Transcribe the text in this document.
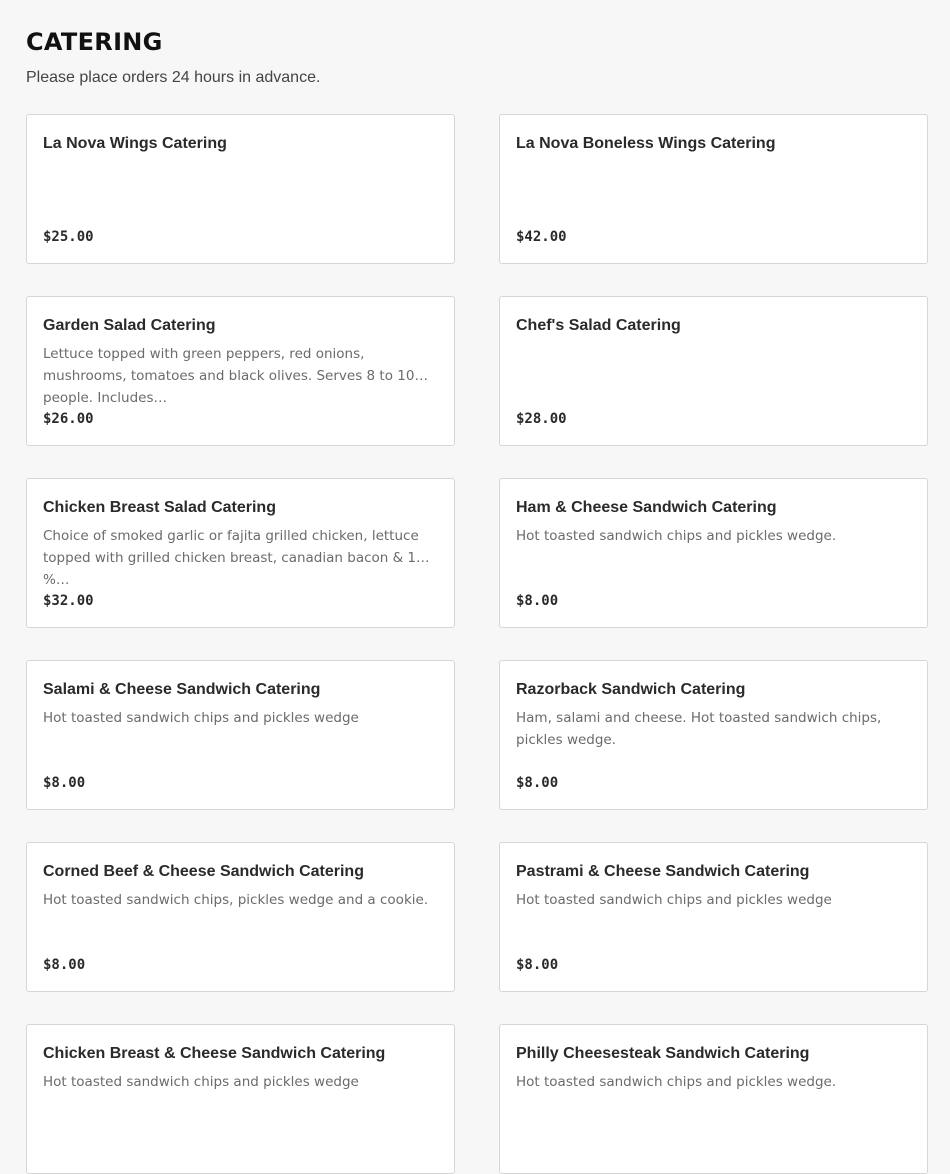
CATERING

Please place orders 24 hours in advance.

La Nova Wings Catering
$25.00
La Nova Boneless Wings Catering
$42.00
Garden Salad Catering
Lettuce topped with green peppers, red onions, mushrooms, tomatoes and black olives. Serves 8 to 10 people. Includes…
$26.00
Chef's Salad Catering
$28.00
Chicken Breast Salad Catering
Choice of smoked garlic or fajita grilled chicken, lettuce topped with grilled chicken breast, canadian bacon & 100 %…
$32.00
Ham & Cheese Sandwich Catering
Hot toasted sandwich chips and pickles wedge.
$8.00
Salami & Cheese Sandwich Catering
Hot toasted sandwich chips and pickles wedge
$8.00
Razorback Sandwich Catering
Ham, salami and cheese. Hot toasted sandwich chips, pickles wedge.
$8.00
Corned Beef & Cheese Sandwich Catering
Hot toasted sandwich chips, pickles wedge and a cookie.
$8.00
Pastrami & Cheese Sandwich Catering
Hot toasted sandwich chips and pickles wedge
$8.00
Chicken Breast & Cheese Sandwich Catering
Hot toasted sandwich chips and pickles wedge
Philly Cheesesteak Sandwich Catering
Hot toasted sandwich chips and pickles wedge.
